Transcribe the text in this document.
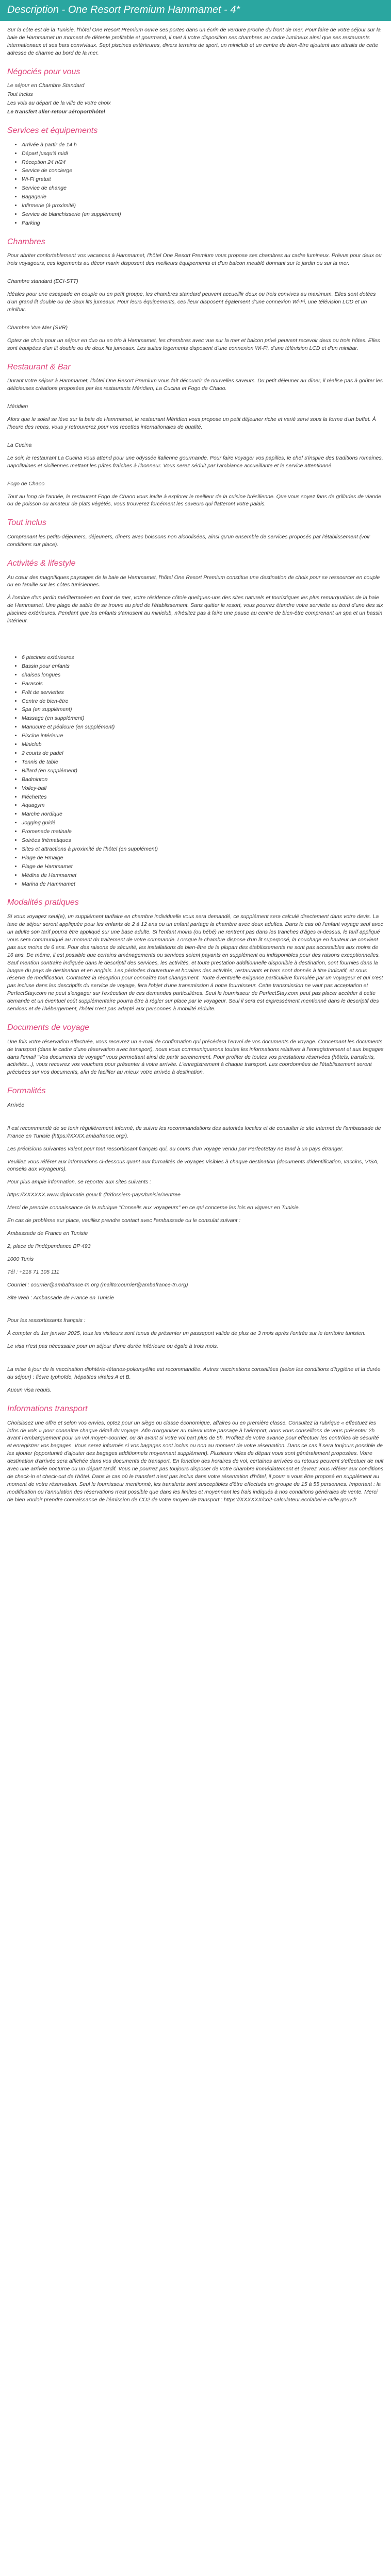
Description - One Resort Premium Hammamet - 4*

Sur la côte est de la Tunisie, l'hôtel One Resort Premium ouvre ses portes dans un écrin de verdure proche du front de mer. Pour faire de votre séjour sur la baie de Hammamet un moment de détente profitable et gourmand, il met à votre disposition ses chambres au cadre lumineux ainsi que ses restaurants internationaux et ses bars conviviaux. Sept piscines extérieures, divers terrains de sport, un miniclub et un centre de bien-être ajoutent aux attraits de cette adresse de charme au bord de la mer.

Négociés pour vous
Le séjour en Chambre Standard
Tout inclus
Les vols au départ de la ville de votre choix
Le transfert aller-retour aéroport/hôtel
Services et équipements
• Arrivée à partir de 14 h
• Départ jusqu'à midi
• Réception 24 h/24
• Service de concierge
• Wi-Fi gratuit
• Service de change
• Bagagerie
• Infirmerie (à proximité)
• Service de blanchisserie (en supplément)
• Parking
Chambres

Pour abriter confortablement vos vacances à Hammamet, l'hôtel One Resort Premium vous propose ses chambres au cadre lumineux. Prévus pour deux ou trois voyageurs, ces logements au décor marin disposent des meilleurs équipements et d'un balcon meublé donnant sur le jardin ou sur la mer.

Chambre standard (ECI-STT)

Idéales pour une escapade en couple ou en petit groupe, les chambres standard peuvent accueillir deux ou trois convives au maximum. Elles sont dotées d'un grand lit double ou de deux lits jumeaux. Pour leurs équipements, ces lieux disposent également d'une connexion Wi-Fi, une télévision LCD et un minibar.

Chambre Vue Mer (SVR)

Optez de choix pour un séjour en duo ou en trio à Hammamet, les chambres avec vue sur la mer et balcon privé peuvent recevoir deux ou trois hôtes. Elles sont équipées d'un lit double ou de deux lits jumeaux. Les suites logements disposent d'une connexion Wi-Fi, d'une télévision LCD et d'un minibar.

Restaurant & Bar

Durant votre séjour à Hammamet, l'hôtel One Resort Premium vous fait découvrir de nouvelles saveurs. Du petit déjeuner au dîner, il réalise pas à goûter les délicieuses créations proposées par les restaurants Méridien, La Cucina et Fogo de Chaoo.

Méridien

Alors que le soleil se lève sur la baie de Hammamet, le restaurant Méridien vous propose un petit déjeuner riche et varié servi sous la forme d'un buffet. À l'heure des repas, vous y retrouverez pour vos recettes internationales de qualité.

La Cucina

Le soir, le restaurant La Cucina vous attend pour une odyssée italienne gourmande. Pour faire voyager vos papilles, le chef s'inspire des traditions romaines, napolitaines et siciliennes mettant les pâtes fraîches à l'honneur. Vous serez séduit par l'ambiance accueillante et le service attentionné.

Fogo de Chaoo

Tout au long de l'année, le restaurant Fogo de Chaoo vous invite à explorer le meilleur de la cuisine brésilienne. Que vous soyez fans de grillades de viande ou de poisson ou amateur de plats végétés, vous trouverez forcément les saveurs qui flatteront votre palais.

Tout inclus

Comprenant les petits-déjeuners, déjeuners, dîners avec boissons non alcoolisées, ainsi qu'un ensemble de services proposés par l'établissement (voir conditions sur place).

Activités & lifestyle

Au cœur des magnifiques paysages de la baie de Hammamet, l'hôtel One Resort Premium constitue une destination de choix pour se ressourcer en couple ou en famille sur les côtes tunisiennes.

À l'ombre d'un jardin méditerranéen en front de mer, votre résidence côtoie quelques-uns des sites naturels et touristiques les plus remarquables de la baie de Hammamet. Une plage de sable fin se trouve au pied de l'établissement. Sans quitter le resort, vous pourrez étendre votre serviette au bord d'une des six piscines extérieures. Pendant que les enfants s'amusent au miniclub, n'hésitez pas à faire une pause au centre de bien-être comprenant un spa et un bassin intérieur.

• 6 piscines extérieures
• Bassin pour enfants
• chaises longues
• Parasols
• Prêt de serviettes
• Centre de bien-être
• Spa (en supplément)
• Massage (en supplément)
• Manucure et pédicure (en supplément)
• Piscine intérieure
• Miniclub
• 2 courts de padel
• Tennis de table
• Billard (en supplément)
• Badminton
• Volley-ball
• Fléchettes
• Aquagym
• Marche nordique
• Jogging guidé
• Promenade matinale
• Soirées thématiques
• Sites et attractions à proximité de l'hôtel (en supplément)
• Plage de Hmaige
• Plage de Hammamet
• Médina de Hammamet
• Marina de Hammamet
Modalités pratiques

Si vous voyagez seul(e), un supplément tarifaire en chambre individuelle vous sera demandé, ce supplément sera calculé directement dans votre devis. La taxe de séjour seront appliquée pour les enfants de 2 à 12 ans ou un enfant partage la chambre avec deux adultes. Dans le cas où l'enfant voyage seul avec un adulte son tarif pourra être appliqué sur une base adulte. Si l'enfant moins (ou bébé) ne rentrent pas dans les tranches d'âges ci-dessus, le tarif appliqué vous sera communiqué au moment du traitement de votre commande. Lorsque la chambre dispose d'un lit superposé, la couchage en hauteur ne convient pas aux moins de 6 ans. Pour des raisons de sécurité, les installations de bien-être de la plupart des établissements ne sont pas accessibles aux moins de 16 ans. De même, il est possible que certains aménagements ou services soient payants en supplément ou indisponibles pour des raisons exceptionnelles. Sauf mention contraire indiquée dans le descriptif des services, les activités, et toute prestation additionnelle disponible à destination, sont fournies dans la langue du pays de destination et en anglais. Les périodes d'ouverture et horaires des activités, restaurants et bars sont donnés à titre indicatif, et sous réserve de modification. Contactez la réception pour connaître tout changement. Toute éventuelle exigence particulière formulée par un voyageur et qui n'est pas incluse dans les descriptifs du service de voyage, fera l'objet d'une transmission à notre fournisseur. Cette transmission ne vaut pas acceptation et PerfectStay.com ne peut s'engager sur l'exécution de ces demandes particulières. Seul le fournisseur de PerfectStay.com peut pas placer accéder à cette demande et un éventuel coût supplémentaire pourra être à régler sur place par le voyageur. Seul il sera est expressément mentionné dans le descriptif des services et de l'hébergement, l'hôtel n'est pas adapté aux personnes à mobilité réduite.

Documents de voyage

Une fois votre réservation effectuée, vous recevrez un e-mail de confirmation qui précédera l'envoi de vos documents de voyage. Concernant les documents de transport (dans le cadre d'une réservation avec transport), nous vous communiquerons toutes les informations relatives à l'enregistrement et aux bagages dans l'email "Vos documents de voyage" vous permettant ainsi de partir sereinement. Pour profiter de toutes vos prestations réservées (hôtels, transferts, activités...), vous recevrez vos vouchers pour présenter à votre arrivée. L'enregistrement à chaque transport. Les coordonnées de l'établissement seront précisées sur vos documents, afin de faciliter au mieux votre arrivée à destination.

Formalités

Arrivée

Il est recommandé de se tenir régulièrement informé, de suivre les recommandations des autorités locales et de consulter le site Internet de l'ambassade de France en Tunisie (https://XXXX.ambafrance.org/).

Les précisions suivantes valent pour tout ressortissant français qui, au cours d'un voyage vendu par PerfectStay ne tend à un pays étranger.

Veuillez vous référer aux informations ci-dessous quant aux formalités de voyages visibles à chaque destination (documents d'identification, vaccins, VISA, conseils aux voyageurs).

Pour plus ample information, se reporter aux sites suivants :

https://XXXXXX.www.diplomatie.gouv.fr (fr/dossiers-pays/tunisie/#entree

Merci de prendre connaissance de la rubrique "Conseils aux voyageurs" en ce qui concerne les lois en vigueur en Tunisie.

En cas de problème sur place, veuillez prendre contact avec l'ambassade ou le consulat suivant :

Ambassade de France en Tunisie

2, place de l'indépendance BP 493

1000 Tunis

Tél : +216 71 105 111

Courriel : courrier@ambafrance-tn.org (mailto:courrier@ambafrance-tn.org)

Site Web : Ambassade de France en Tunisie

Pour les ressortissants français :

À compter du 1er janvier 2025, tous les visiteurs sont tenus de présenter un passeport valide de plus de 3 mois après l'entrée sur le territoire tunisien.

Le visa n'est pas nécessaire pour un séjour d'une durée inférieure ou égale à trois mois.

La mise à jour de la vaccination diphtérie-tétanos-poliomyélite est recommandée. Autres vaccinations conseillées (selon les conditions d'hygiène et la durée du séjour) : fièvre typhoïde, hépatites virales A et B.

Aucun visa requis.

Informations transport

Choisissez une offre et selon vos envies, optez pour un siège ou classe économique, affaires ou en première classe. Consultez la rubrique « effectuez les infos de vols » pour connaître chaque détail du voyage. Afin d'organiser au mieux votre passage à l'aéroport, nous vous conseillons de vous présenter 2h avant l'embarquement pour un vol moyen-courrier, ou 3h avant si votre vol part plus de 5h. Profitez de votre avance pour effectuer les contrôles de sécurité et enregistrer vos bagages. Vous serez informés si vos bagages sont inclus ou non au moment de votre réservation. Dans ce cas il sera toujours possible de les ajouter (opportunité d'ajouter des bagages additionnels moyennant supplément). Plusieurs villes de départ vous sont généralement proposées. Votre destination d'arrivée sera affichée dans vos documents de transport. En fonction des horaires de vol, certaines arrivées ou retours peuvent s'effectuer de nuit avec une arrivée nocturne ou un départ tardif. Vous ne pourrez pas toujours disposer de votre chambre immédiatement et devrez vous référer aux conditions de check-in et check-out de l'hôtel. Dans le cas où le transfert n'est pas inclus dans votre réservation d'hôtel, il pourr a vous être proposé en supplément au moment de votre réservation. Seul le fournisseur mentionné, les transferts sont susceptibles d'être effectués en groupe de 15 à 55 personnes. Important : la modification ou l'annulation des réservations n'est possible que dans les limites et moyennant les frais indiqués à nos conditions générales de vente. Merci de bien vouloir prendre connaissance de l'émission de CO2 de votre moyen de transport : https://XXXXXX/co2-calculateur.ecolabel-e-cvile.gouv.fr
